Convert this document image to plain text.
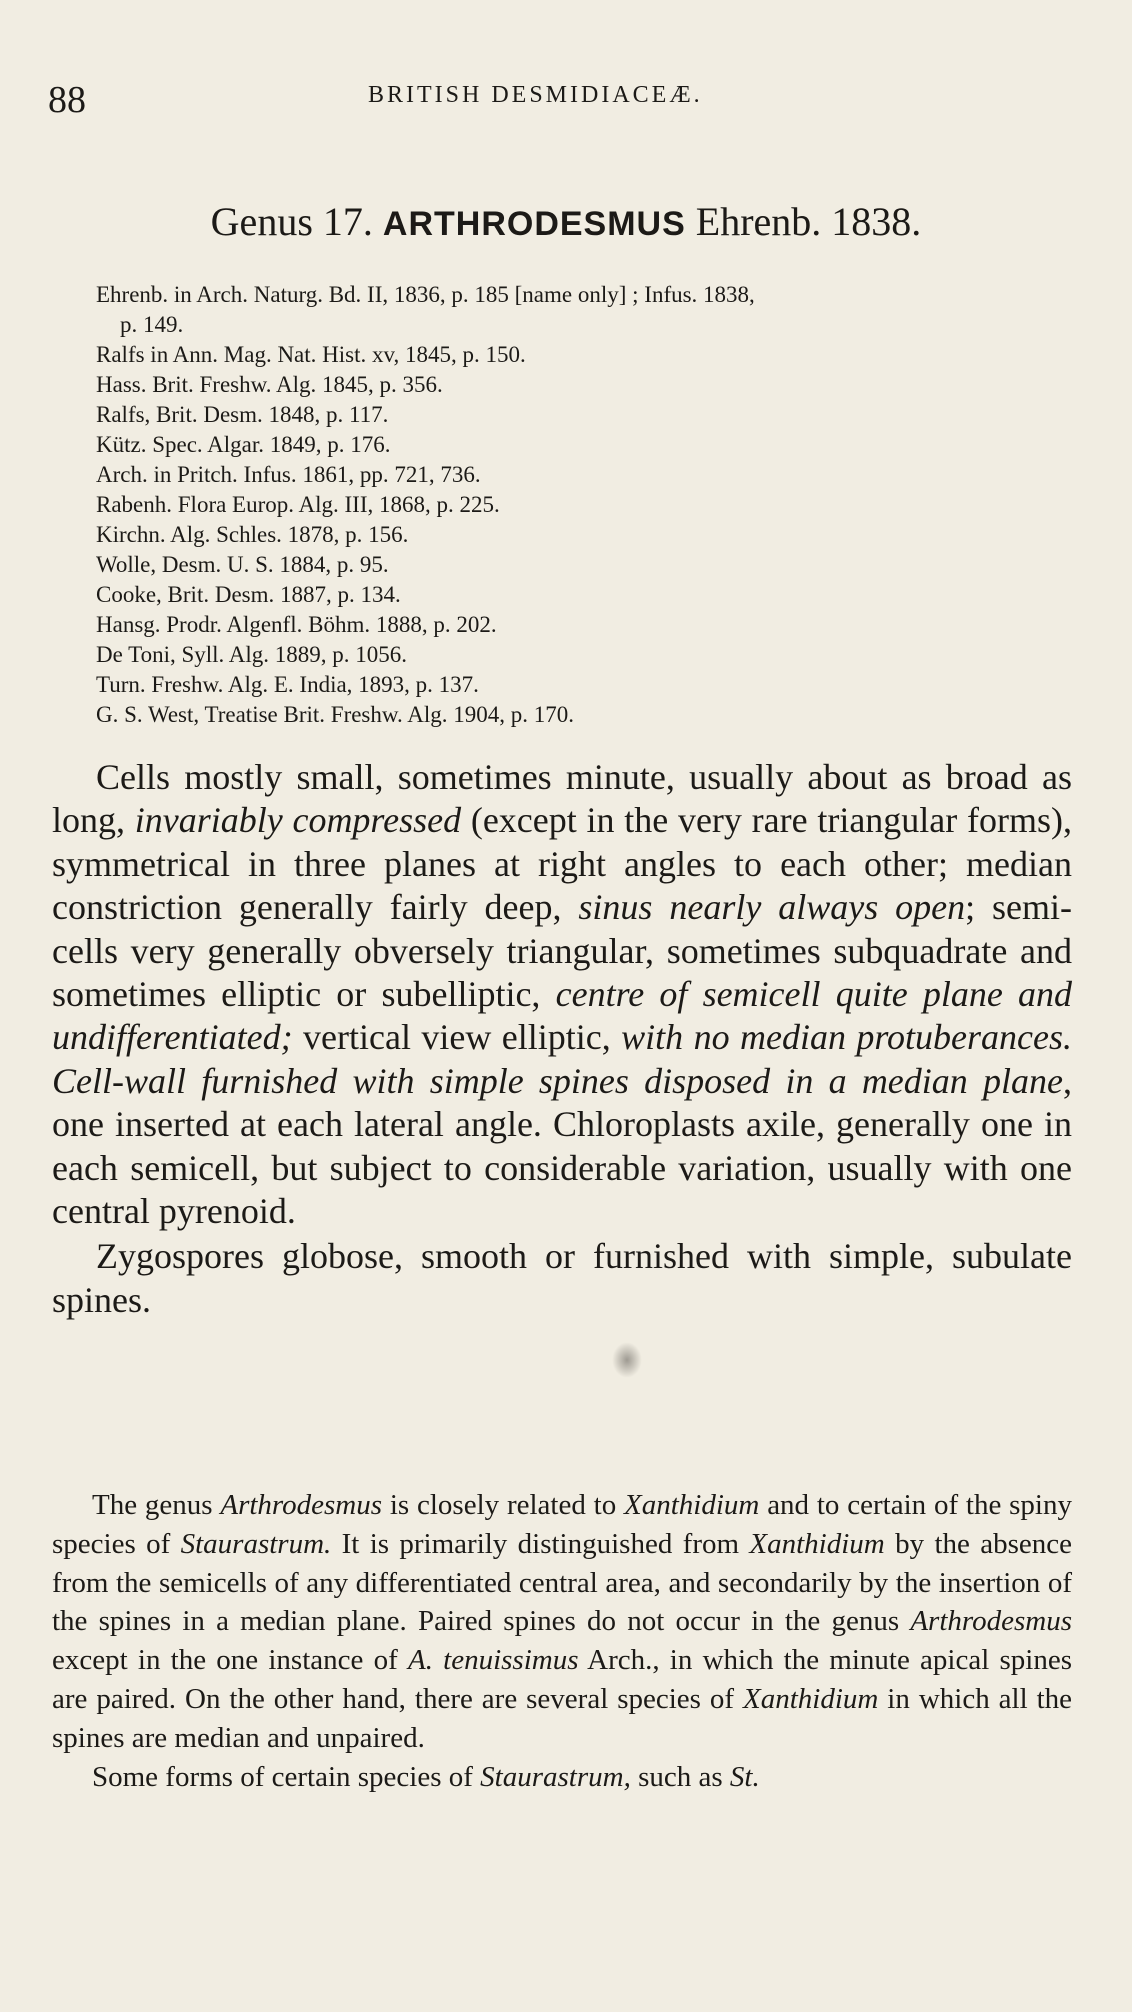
88	BRITISH DESMIDIACEÆ.
Genus 17. ARTHRODESMUS Ehrenb. 1838.
Ehrenb. in Arch. Naturg. Bd. II, 1836, p. 185 [name only] ; Infus. 1838,
p. 149.
Ralfs in Ann. Mag. Nat. Hist. xv, 1845, p. 150.
Hass. Brit. Freshw. Alg. 1845, p. 356.
Ralfs, Brit. Desm. 1848, p. 117.
Kütz. Spec. Algar. 1849, p. 176.
Arch. in Pritch. Infus. 1861, pp. 721, 736.
Rabenh. Flora Europ. Alg. III, 1868, p. 225.
Kirchn. Alg. Schles. 1878, p. 156.
Wolle, Desm. U. S. 1884, p. 95.
Cooke, Brit. Desm. 1887, p. 134.
Hansg. Prodr. Algenfl. Böhm. 1888, p. 202.
De Toni, Syll. Alg. 1889, p. 1056.
Turn. Freshw. Alg. E. India, 1893, p. 137.
G. S. West, Treatise Brit. Freshw. Alg. 1904, p. 170.

Cells mostly small, sometimes minute, usually about as broad as long, invariably compressed (except in the very rare triangular forms), symmetrical in three planes at right angles to each other; median constriction generally fairly deep, sinus nearly always open; semi-cells very generally obversely triangular, sometimes subquadrate and sometimes elliptic or subelliptic, centre of semicell quite plane and undifferentiated; vertical view elliptic, with no median protuberances. Cell-wall furnished with simple spines disposed in a median plane, one inserted at each lateral angle. Chloroplasts axile, generally one in each semicell, but subject to considerable variation, usually with one central pyrenoid.

Zygospores globose, smooth or furnished with simple, subulate spines.

The genus Arthrodesmus is closely related to Xanthidium and to certain of the spiny species of Staurastrum. It is primarily distinguished from Xanthidium by the absence from the semicells of any differentiated central area, and secondarily by the insertion of the spines in a median plane. Paired spines do not occur in the genus Arthrodesmus except in the one instance of A. tenuissimus Arch., in which the minute apical spines are paired. On the other hand, there are several species of Xanthidium in which all the spines are median and unpaired.

Some forms of certain species of Staurastrum, such as St.
